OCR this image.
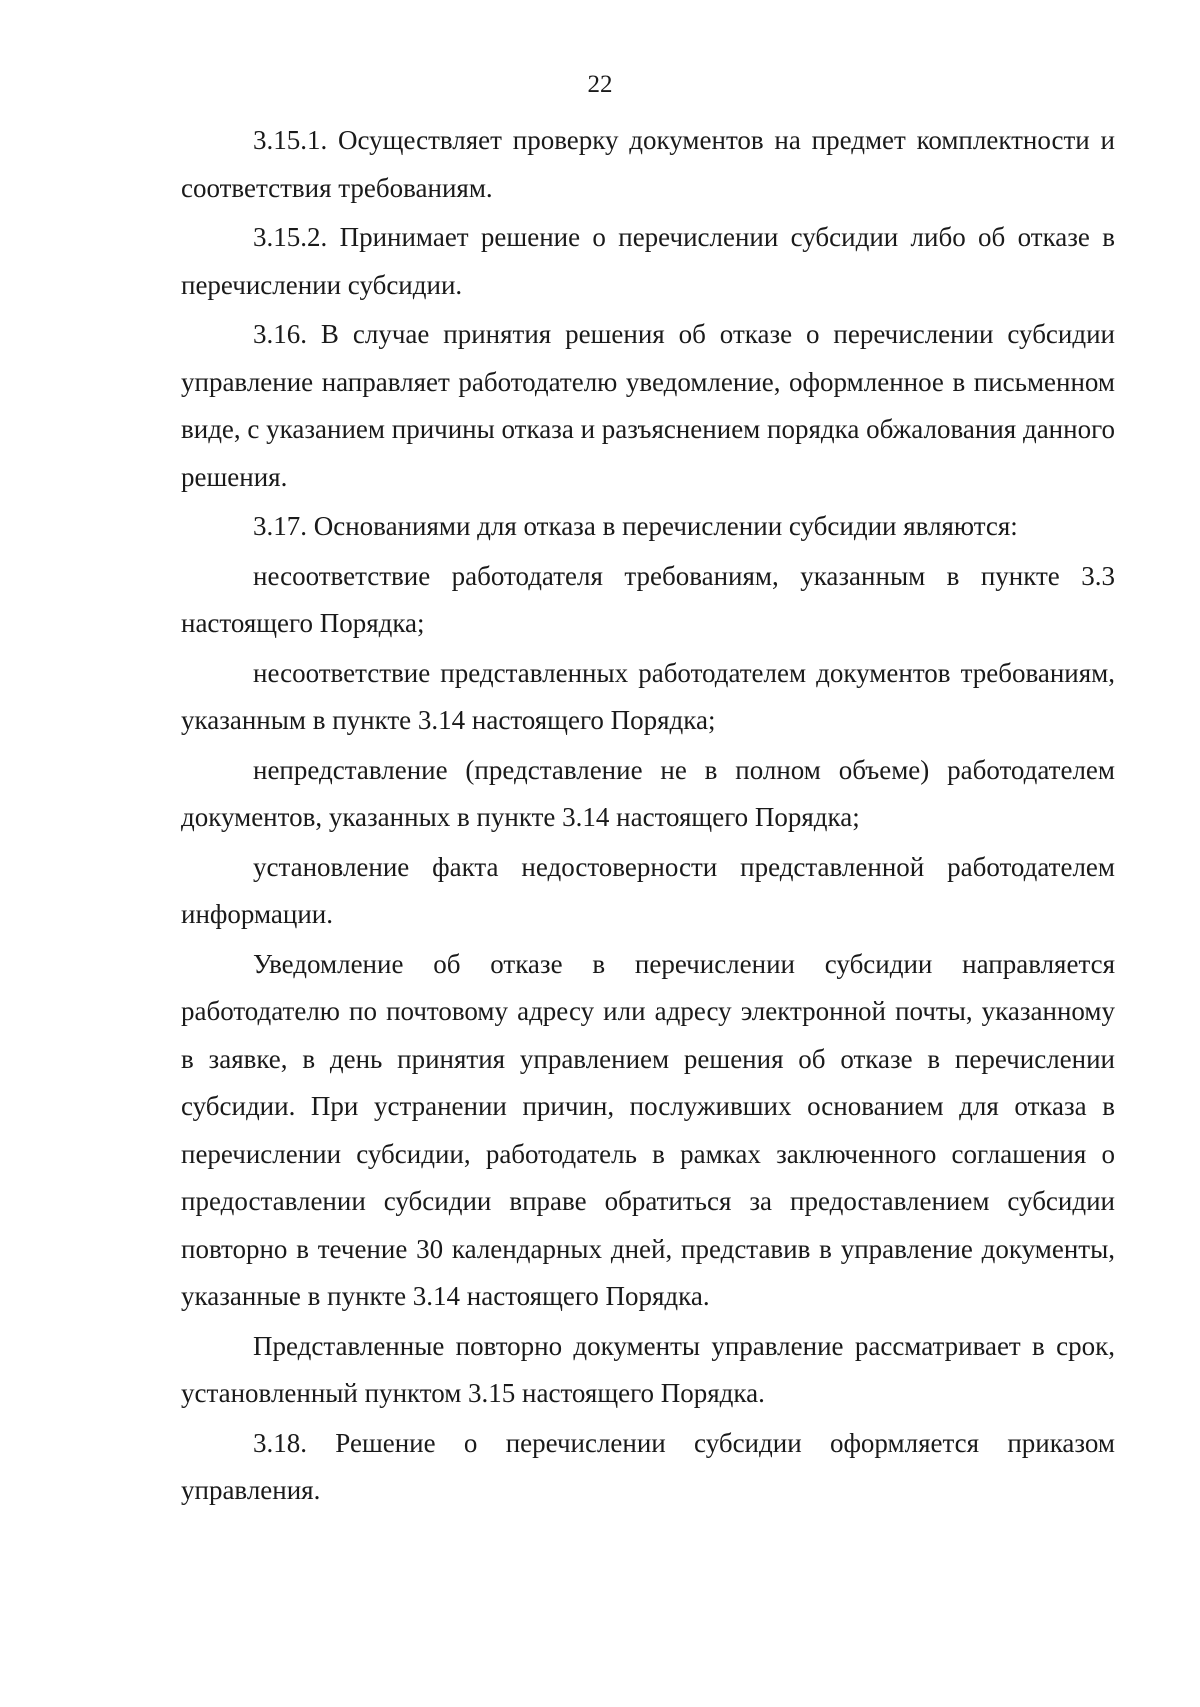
22

3.15.1. Осуществляет проверку документов на предмет комплектности и соответствия требованиям.

3.15.2. Принимает решение о перечислении субсидии либо об отказе в перечислении субсидии.

3.16. В случае принятия решения об отказе о перечислении субсидии управление направляет работодателю уведомление, оформленное в письменном виде, с указанием причины отказа и разъяснением порядка обжалования данного решения.

3.17. Основаниями для отказа в перечислении субсидии являются:

несоответствие работодателя требованиям, указанным в пункте 3.3 настоящего Порядка;

несоответствие представленных работодателем документов требованиям, указанным в пункте 3.14 настоящего Порядка;

непредставление (представление не в полном объеме) работодателем документов, указанных в пункте 3.14 настоящего Порядка;

установление факта недостоверности представленной работодателем информации.

Уведомление об отказе в перечислении субсидии направляется работодателю по почтовому адресу или адресу электронной почты, указанному в заявке, в день принятия управлением решения об отказе в перечислении субсидии. При устранении причин, послуживших основанием для отказа в перечислении субсидии, работодатель в рамках заключенного соглашения о предоставлении субсидии вправе обратиться за предоставлением субсидии повторно в течение 30 календарных дней, представив в управление документы, указанные в пункте 3.14 настоящего Порядка.

Представленные повторно документы управление рассматривает в срок, установленный пунктом 3.15 настоящего Порядка.

3.18. Решение о перечислении субсидии оформляется приказом управления.
